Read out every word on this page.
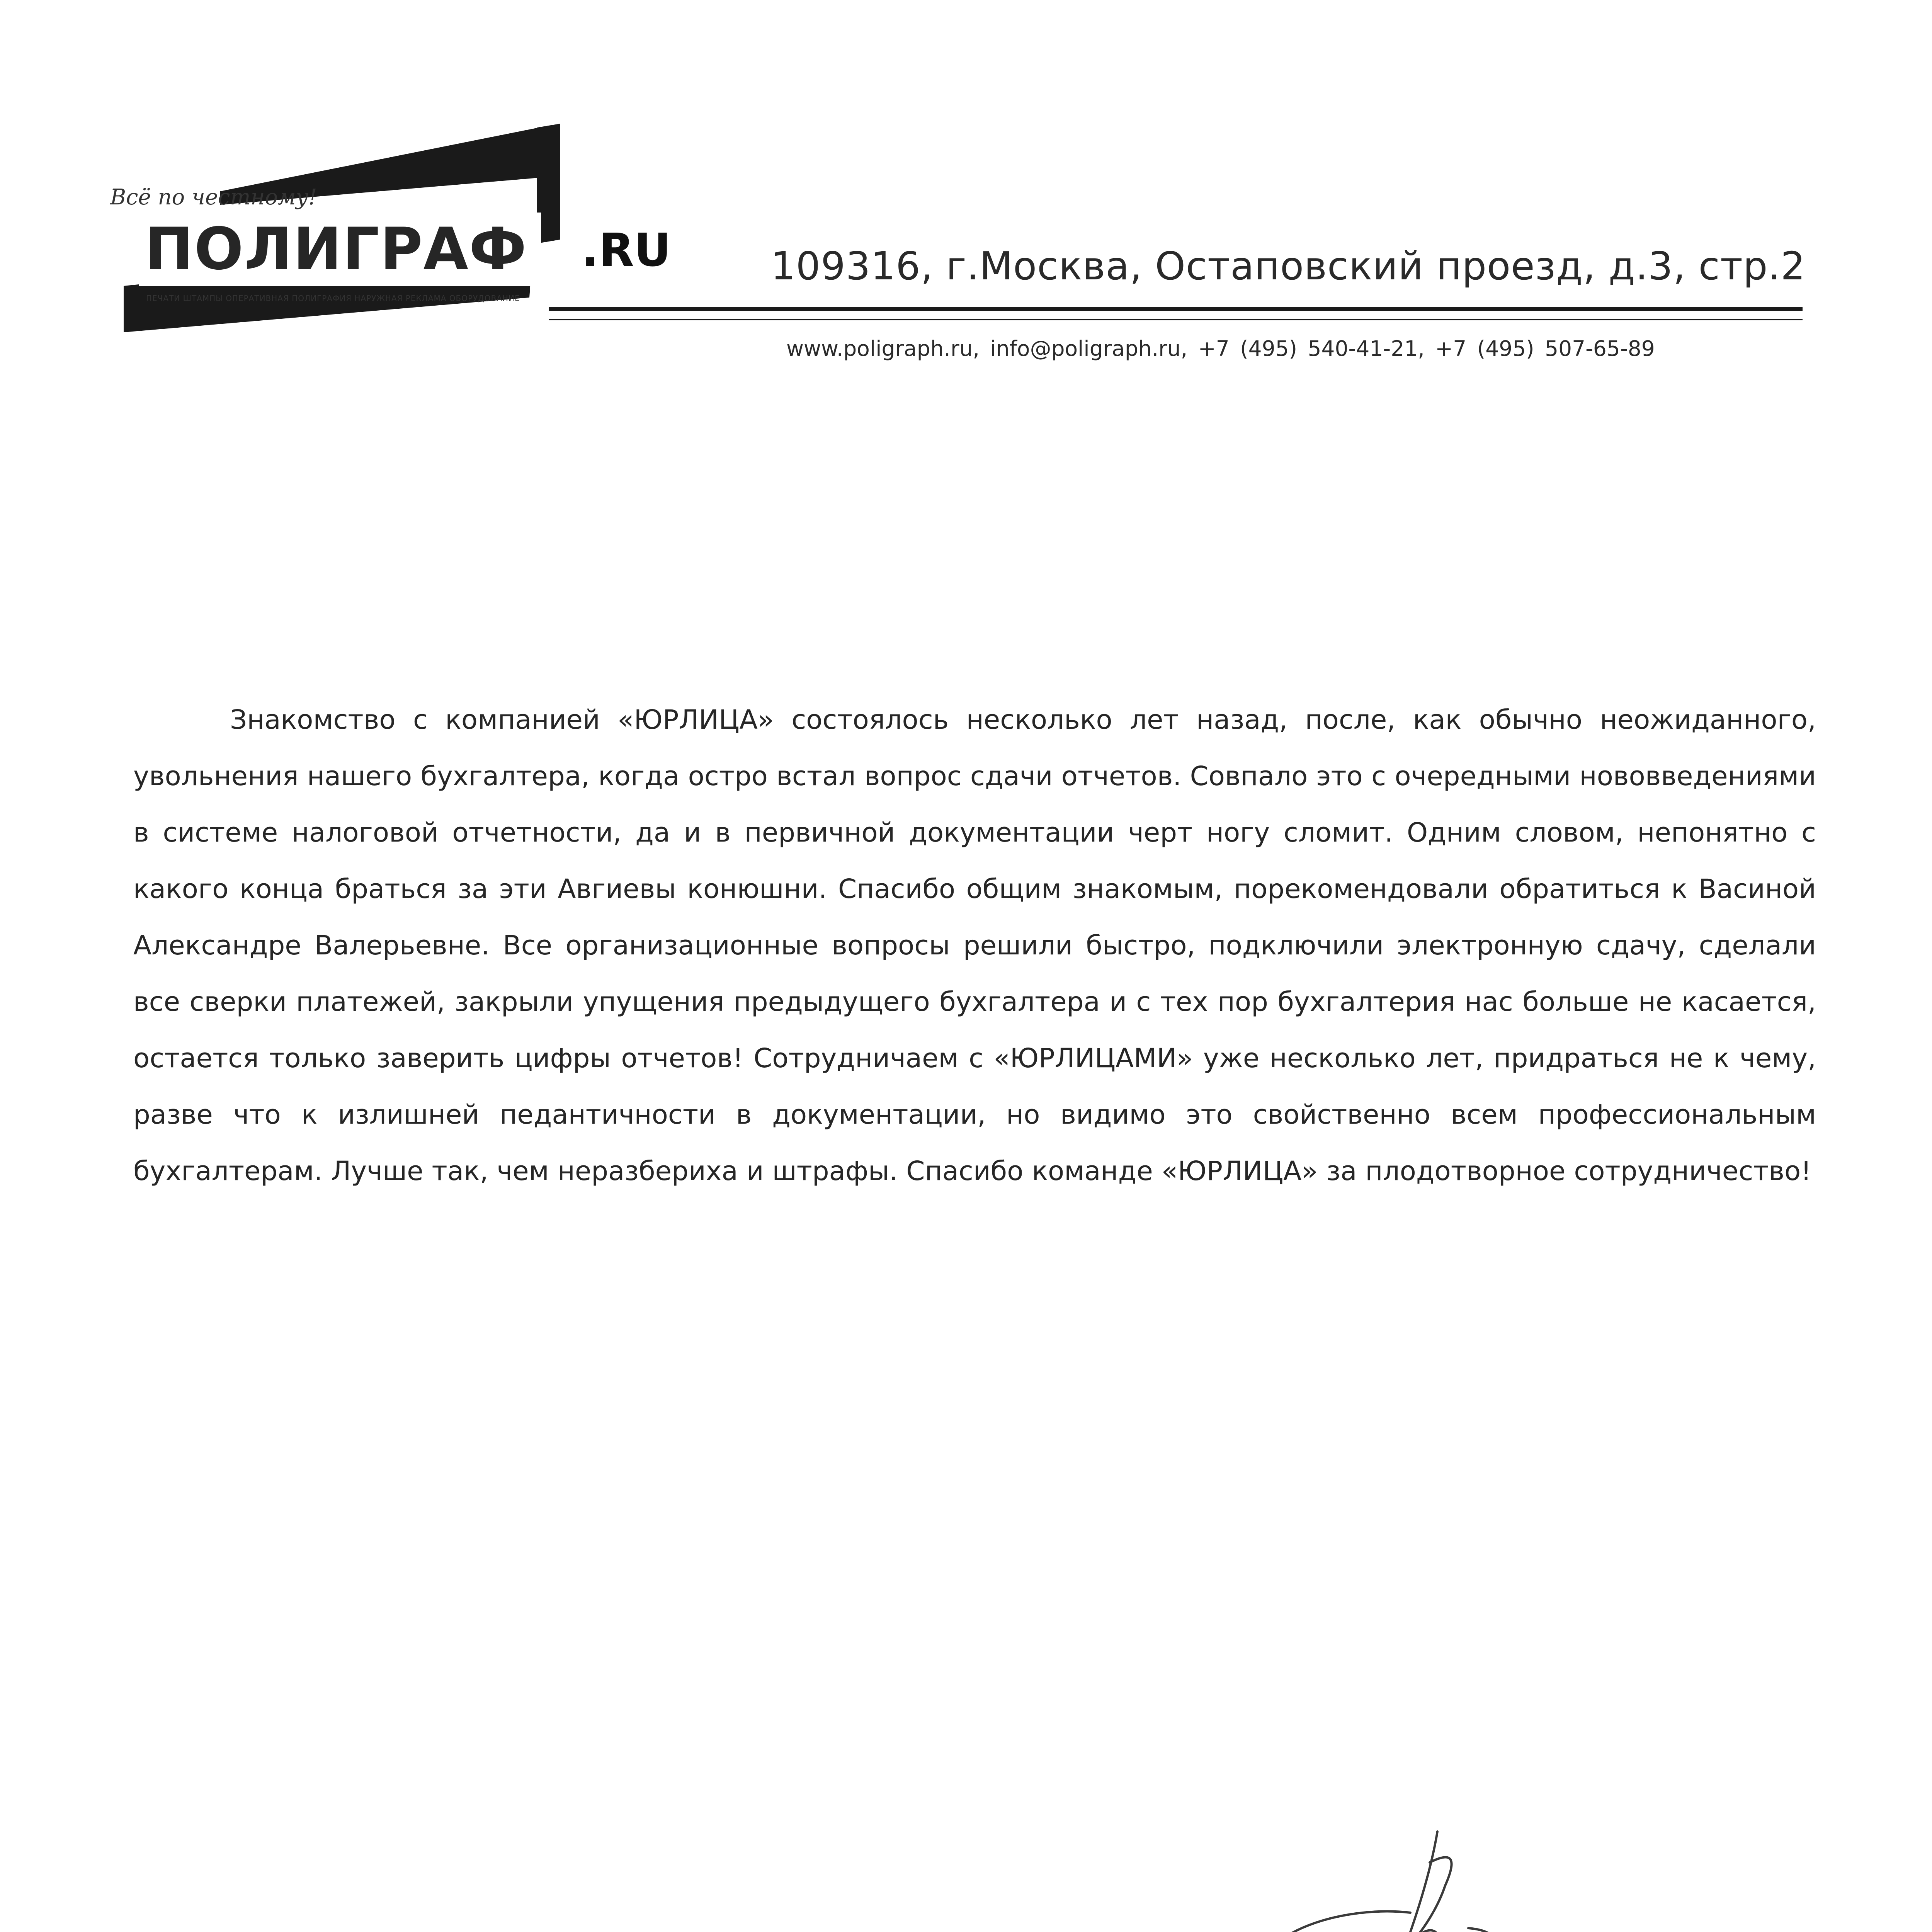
Всё по честному!
ПОЛИГРАФ .RU
ПЕЧАТИ ШТАМПЫ ОПЕРАТИВНАЯ ПОЛИГРАФИЯ НАРУЖНАЯ РЕКЛАМА ОБОРУДОВАНИЕ
109316, г.Москва, Остаповский проезд, д.3, стр.2
www.poligraph.ru, info@poligraph.ru, +7 (495) 540-41-21, +7 (495) 507-65-89

Знакомство с компанией «ЮРЛИЦА» состоялось несколько лет назад, после, как обычно неожиданного, увольнения нашего бухгалтера, когда остро встал вопрос сдачи отчетов. Совпало это с очередными нововведениями в системе налоговой отчетности, да и в первичной документации черт ногу сломит. Одним словом, непонятно с какого конца браться за эти Авгиевы конюшни. Спасибо общим знакомым, порекомендовали обратиться к Васиной Александре Валерьевне. Все организационные вопросы решили быстро, подключили электронную сдачу, сделали все сверки платежей, закрыли упущения предыдущего бухгалтера и с тех пор бухгалтерия нас больше не касается, остается только заверить цифры отчетов! Сотрудничаем с «ЮРЛИЦАМИ» уже несколько лет, придраться не к чему, разве что к излишней педантичности в документации, но видимо это свойственно всем профессиональным бухгалтерам. Лучше так, чем неразбериха и штрафы. Спасибо команде «ЮРЛИЦА» за плодотворное сотрудничество!
